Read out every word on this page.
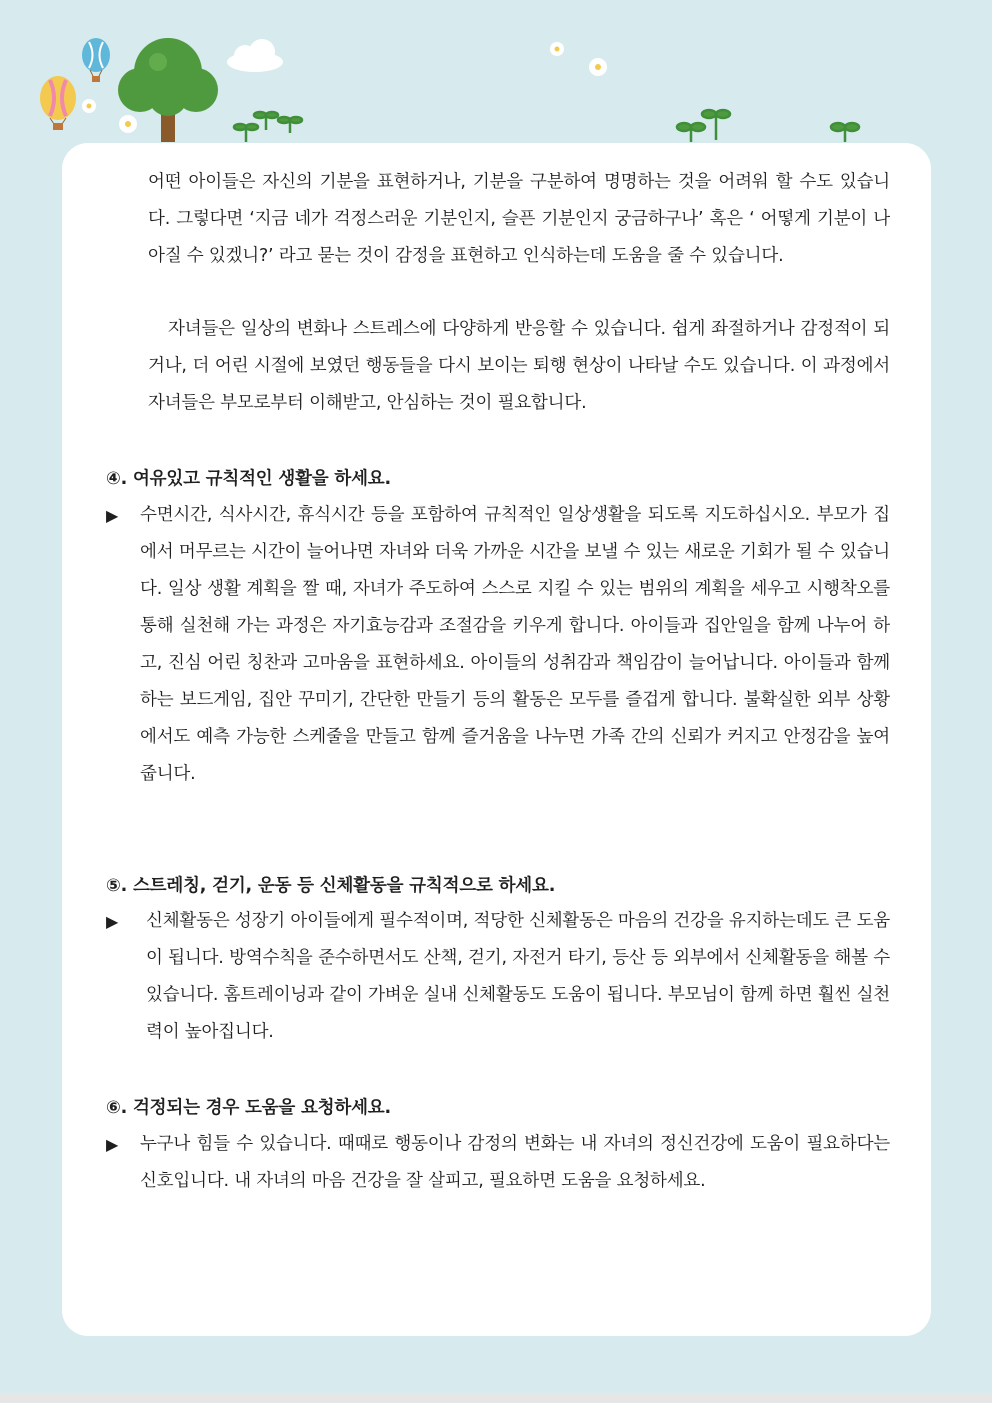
어떤 아이들은 자신의 기분을 표현하거나, 기분을 구분하여 명명하는 것을 어려워 할 수도 있습니다. 그렇다면 ‘지금 네가 걱정스러운 기분인지, 슬픈 기분인지 궁금하구나’ 혹은 ‘ 어떻게 기분이 나아질 수 있겠니?’ 라고 묻는 것이 감정을 표현하고 인식하는데 도움을 줄 수 있습니다.

자녀들은 일상의 변화나 스트레스에 다양하게 반응할 수 있습니다. 쉽게 좌절하거나 감정적이 되거나, 더 어린 시절에 보였던 행동들을 다시 보이는 퇴행 현상이 나타날 수도 있습니다. 이 과정에서 자녀들은 부모로부터 이해받고, 안심하는 것이 필요합니다.

④. 여유있고 규칙적인 생활을 하세요.
▶ 수면시간, 식사시간, 휴식시간 등을 포함하여 규칙적인 일상생활을 되도록 지도하십시오. 부모가 집에서 머무르는 시간이 늘어나면 자녀와 더욱 가까운 시간을 보낼 수 있는 새로운 기회가 될 수 있습니다. 일상 생활 계획을 짤 때, 자녀가 주도하여 스스로 지킬 수 있는 범위의 계획을 세우고 시행착오를 통해 실천해 가는 과정은 자기효능감과 조절감을 키우게 합니다. 아이들과 집안일을 함께 나누어 하고, 진심 어린 칭찬과 고마움을 표현하세요. 아이들의 성취감과 책임감이 늘어납니다. 아이들과 함께하는 보드게임, 집안 꾸미기, 간단한 만들기 등의 활동은 모두를 즐겁게 합니다. 불확실한 외부 상황에서도 예측 가능한 스케줄을 만들고 함께 즐거움을 나누면 가족 간의 신뢰가 커지고 안정감을 높여줍니다.

⑤. 스트레칭, 걷기, 운동 등 신체활동을 규칙적으로 하세요.
▶ 신체활동은 성장기 아이들에게 필수적이며, 적당한 신체활동은 마음의 건강을 유지하는데도 큰 도움이 됩니다. 방역수칙을 준수하면서도 산책, 걷기, 자전거 타기, 등산 등 외부에서 신체활동을 해볼 수 있습니다. 홈트레이닝과 같이 가벼운 실내 신체활동도 도움이 됩니다. 부모님이 함께 하면 훨씬 실천력이 높아집니다.

⑥. 걱정되는 경우 도움을 요청하세요.
▶ 누구나 힘들 수 있습니다. 때때로 행동이나 감정의 변화는 내 자녀의 정신건강에 도움이 필요하다는 신호입니다. 내 자녀의 마음 건강을 잘 살피고, 필요하면 도움을 요청하세요.
